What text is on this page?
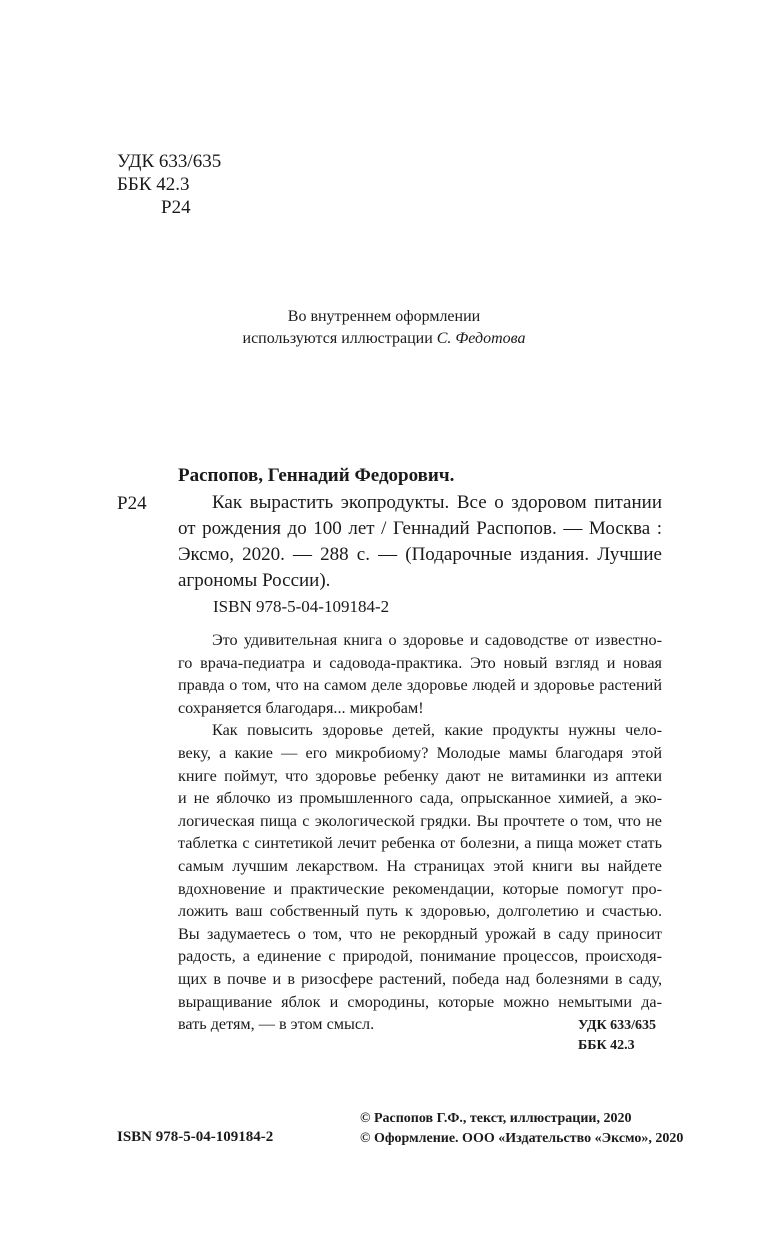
УДК 633/635
ББК 42.3
Р24
Во внутреннем оформлении
используются иллюстрации С. Федотова
Распопов, Геннадий Федорович.
Р24	Как вырастить экопродукты. Все о здоровом питании
от рождения до 100 лет / Геннадий Распопов. — Москва :
Эксмо, 2020. — 288 с. — (Подарочные издания. Лучшие
агрономы России).
ISBN 978-5-04-109184-2
Это удивительная книга о здоровье и садоводстве от известно-
го врача-педиатра и садовода-практика. Это новый взгляд и новая
правда о том, что на самом деле здоровье людей и здоровье растений
сохраняется благодаря... микробам!
Как повысить здоровье детей, какие продукты нужны чело-
веку, а какие — его микробиому? Молодые мамы благодаря этой
книге поймут, что здоровье ребенку дают не витаминки из аптеки
и не яблочко из промышленного сада, опрысканное химией, а эко-
логическая пища с экологической грядки. Вы прочтете о том, что не
таблетка с синтетикой лечит ребенка от болезни, а пища может стать
самым лучшим лекарством. На страницах этой книги вы найдете
вдохновение и практические рекомендации, которые помогут про-
ложить ваш собственный путь к здоровью, долголетию и счастью.
Вы задумаетесь о том, что не рекордный урожай в саду приносит
радость, а единение с природой, понимание процессов, происходя-
щих в почве и в ризосфере растений, победа над болезнями в саду,
выращивание яблок и смородины, которые можно немытыми да-
вать детям, — в этом смысл.	УДК 633/635
ББК 42.3
ISBN 978-5-04-109184-2
© Распопов Г.Ф., текст, иллюстрации, 2020
© Оформление. ООО «Издательство «Эксмо», 2020
